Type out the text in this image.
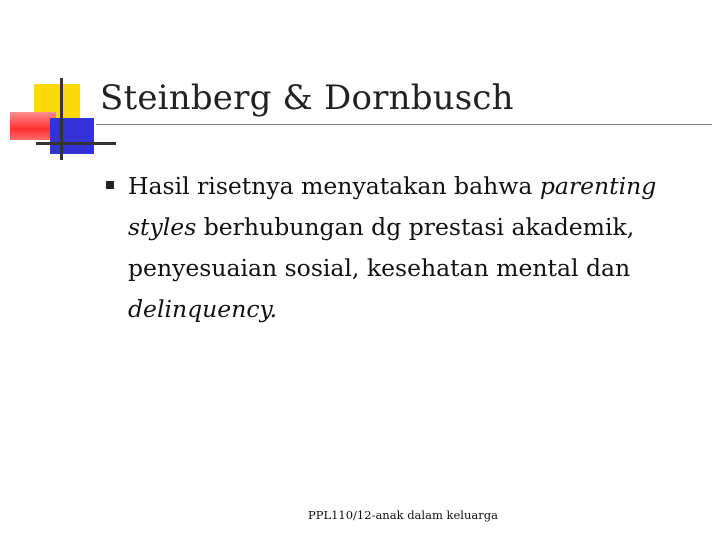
Steinberg & Dornbusch

Hasil risetnya menyatakan bahwa parenting styles berhubungan dg prestasi akademik, penyesuaian sosial, kesehatan mental dan delinquency.

PPL110/12-anak dalam keluarga
